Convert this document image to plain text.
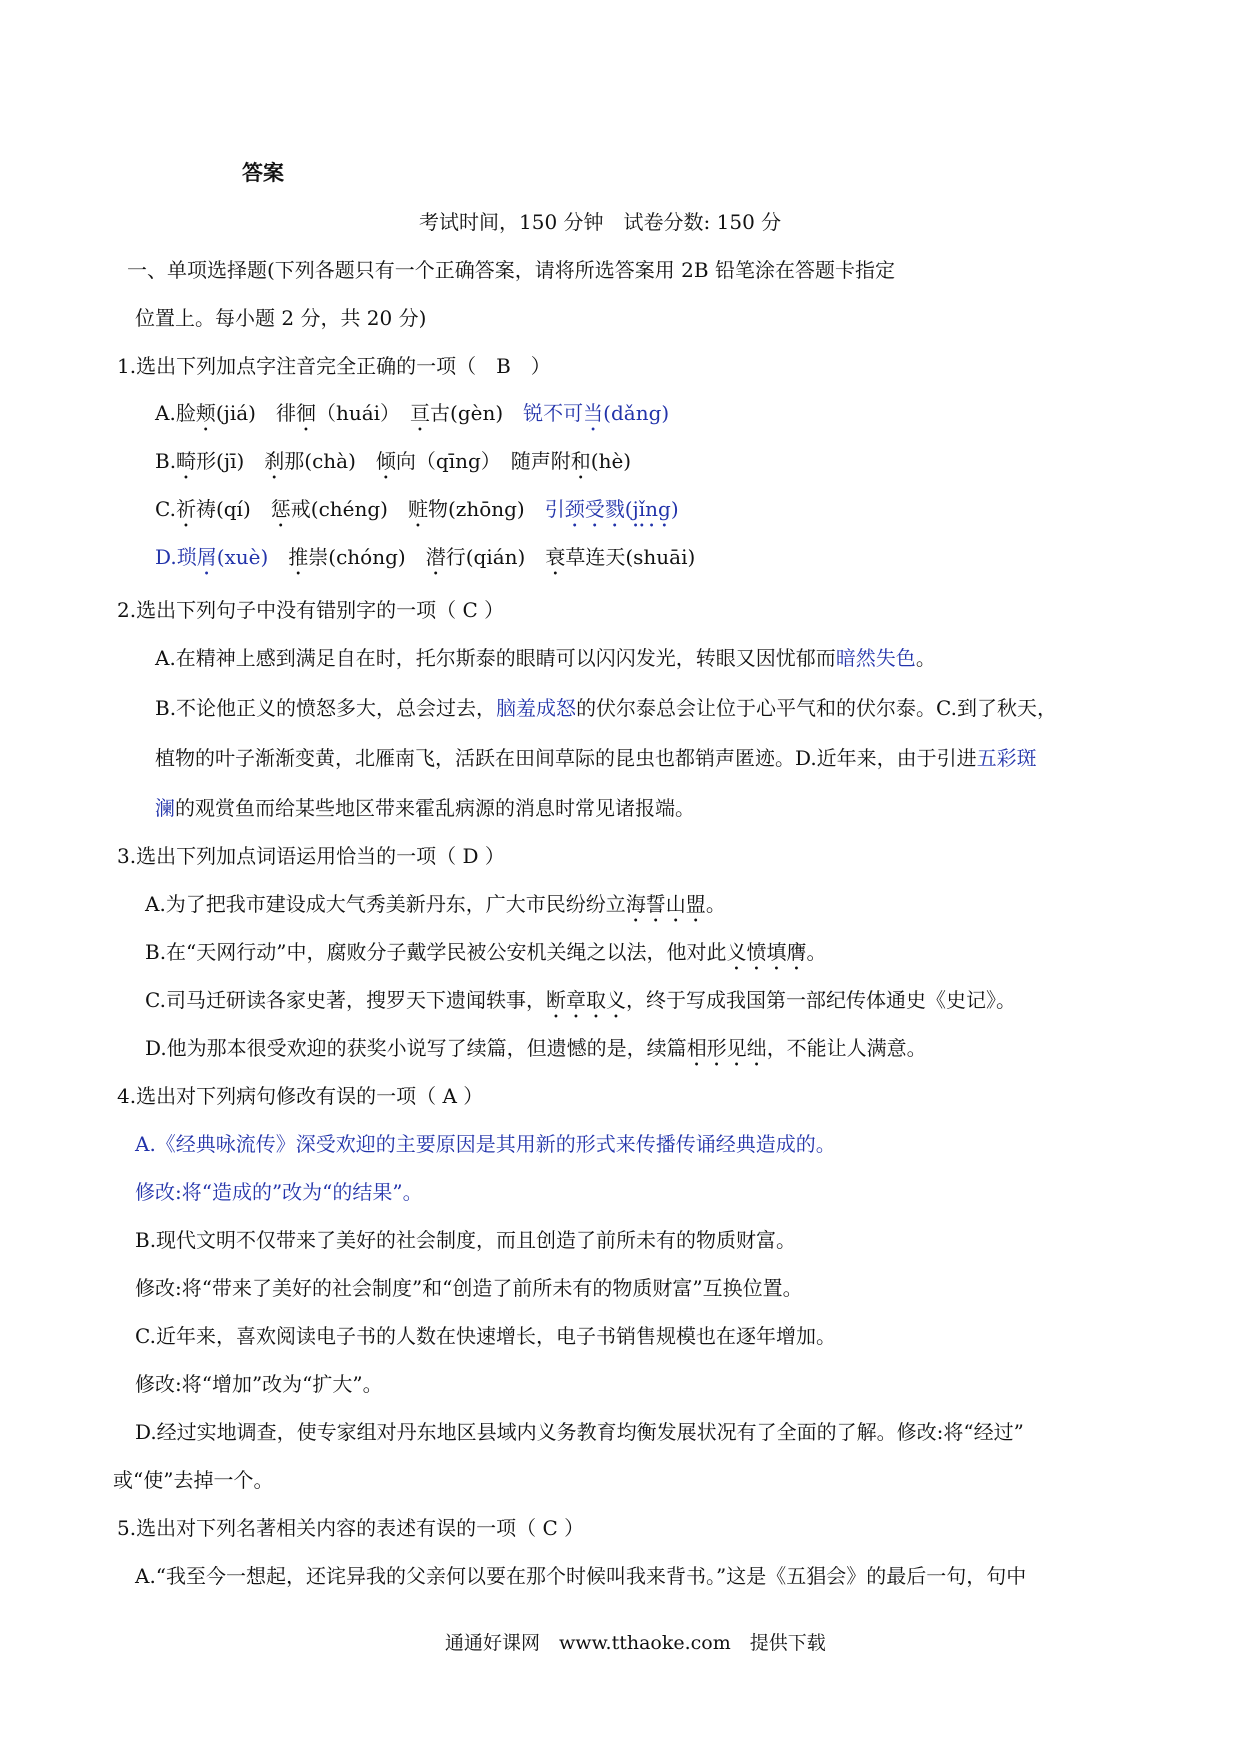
答案
考试时间，150 分钟　试卷分数: 150 分
一、单项选择题(下列各题只有一个正确答案，请将所选答案用 2B 铅笔涂在答题卡指定
位置上。每小题 2 分，共 20 分)
1.选出下列加点字注音完全正确的一项（　B　）
A.脸颊(jiá)　徘徊（huái）　亘古(gèn)　锐不可当(dǎng)
B.畸形(jī)　刹那(chà)　倾向（qīng）　随声附和(hè)
C.祈祷(qí)　惩戒(chéng)　赃物(zhōng)　引颈受戮(jǐng)
D.琐屑(xuè)　推崇(chóng)　潜行(qián)　衰草连天(shuāi)
2.选出下列句子中没有错别字的一项（ C ）
A.在精神上感到满足自在时，托尔斯泰的眼睛可以闪闪发光，转眼又因忧郁而暗然失色。
B.不论他正义的愤怒多大，总会过去，脑羞成怒的伏尔泰总会让位于心平气和的伏尔泰。C.到了秋天，
植物的叶子渐渐变黄，北雁南飞，活跃在田间草际的昆虫也都销声匿迹。D.近年来，由于引进五彩斑
澜的观赏鱼而给某些地区带来霍乱病源的消息时常见诸报端。
3.选出下列加点词语运用恰当的一项（ D ）
A.为了把我市建设成大气秀美新丹东，广大市民纷纷立海誓山盟。
B.在“天网行动”中，腐败分子戴学民被公安机关绳之以法，他对此义愤填膺。
C.司马迁研读各家史著，搜罗天下遗闻轶事，断章取义，终于写成我国第一部纪传体通史《史记》。
D.他为那本很受欢迎的获奖小说写了续篇，但遗憾的是，续篇相形见绌，不能让人满意。
4.选出对下列病句修改有误的一项（ A ）
A.《经典咏流传》深受欢迎的主要原因是其用新的形式来传播传诵经典造成的。
修改:将“造成的”改为“的结果”。
B.现代文明不仅带来了美好的社会制度，而且创造了前所未有的物质财富。
修改:将“带来了美好的社会制度”和“创造了前所未有的物质财富”互换位置。
C.近年来，喜欢阅读电子书的人数在快速增长，电子书销售规模也在逐年增加。
修改:将“增加”改为“扩大”。
D.经过实地调查，使专家组对丹东地区县域内义务教育均衡发展状况有了全面的了解。修改:将“经过”
或“使”去掉一个。
5.选出对下列名著相关内容的表述有误的一项（ C ）
A.“我至今一想起，还诧异我的父亲何以要在那个时候叫我来背书。”这是《五猖会》的最后一句，句中
通通好课网　www.tthaoke.com　提供下载
